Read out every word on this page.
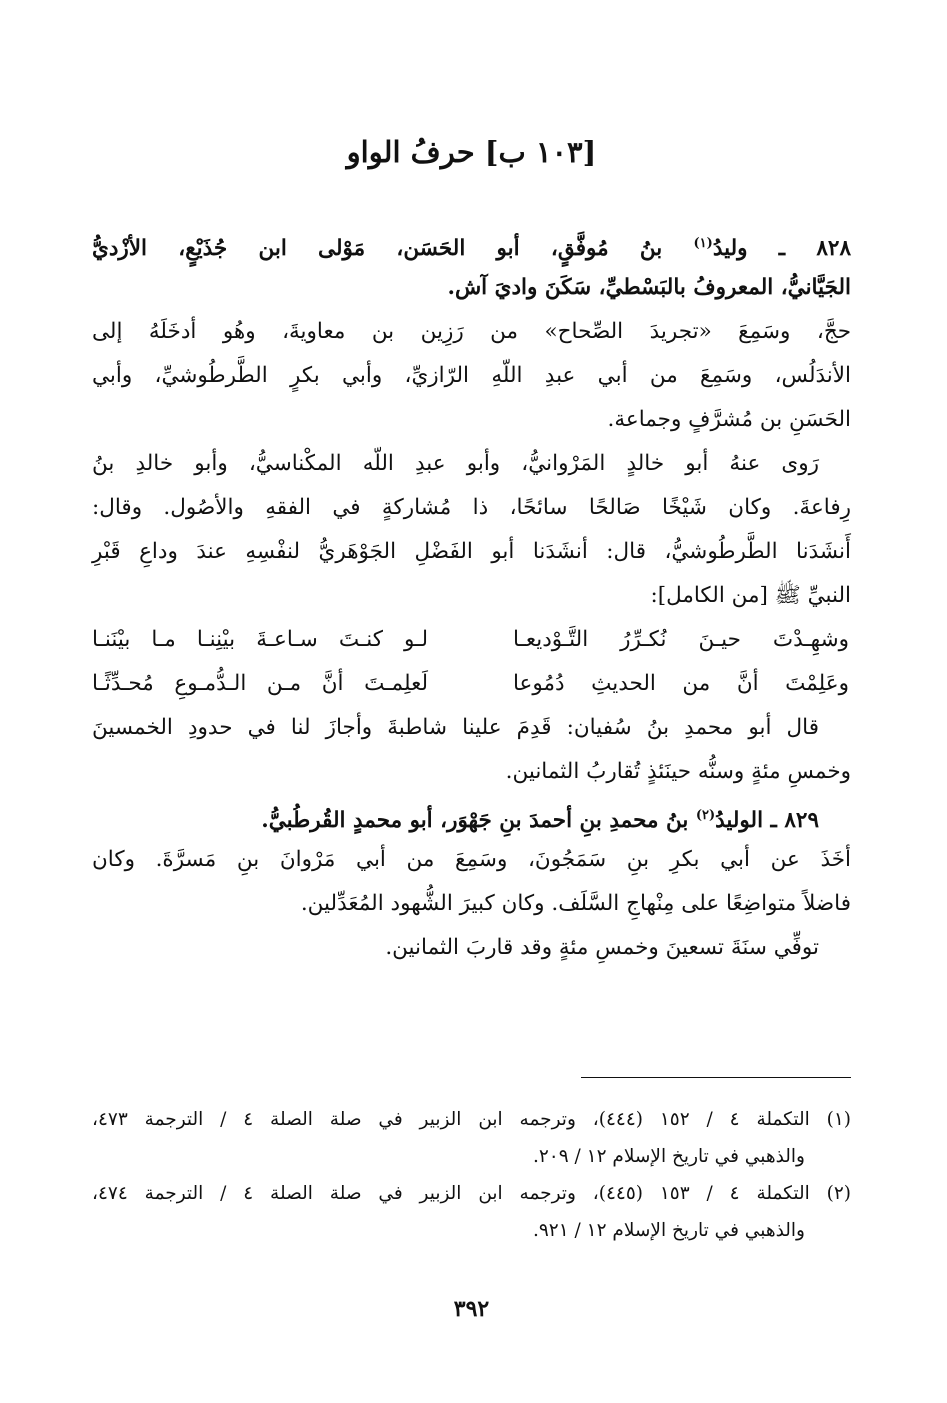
[١٠٣ ب] حرفُ الواو
٨٢٨ ـ وليدُ$^{(١)}$ بنُ مُوفَّقٍ، أبو الحَسَن، مَوْلى ابن جُذَيْعٍ، الأزْديُّ
الجَيَّانيُّ، المعروفُ بالبَسْطيِّ، سَكَنَ واديَ آش.
حجَّ، وسَمِعَ «تجريدَ الصِّحاح» من رَزِين بن معاويةَ، وهُو أدخَلَهُ إلى
الأندَلُس، وسَمِعَ من أبي عبدِ اللّهِ الرّازيِّ، وأبي بكرٍ الطَّرطُوشيِّ، وأبي
الحَسَنِ بن مُشرَّفٍ وجماعة.
رَوى عنهُ أبو خالدٍ المَرْوانيُّ، وأبو عبدِ اللّه المكْناسيُّ، وأبو خالدِ بنُ
رِفاعةَ. وكان شَيْخًا صَالحًا سائحًا، ذا مُشاركةٍ في الفقهِ والأصُول. وقال:
أَنشَدَنا الطَّرطُوشيُّ، قال: أنشَدَنا أبو الفَضْلِ الجَوْهَريُّ لنفْسِهِ عندَ وداعِ قَبْرِ
النبيِّ ﷺ [من الكامل]:
وشهِـدْتَ حيـنَ نُكـرِّرُ التَّـوْديعـا
لـو كنـتَ سـاعـةَ بيْنِنـا مـا بيْنَنـا
وعَلِمْتَ أنَّ من الحديثِ دُمُوعا
لَعلِمـتَ أنَّ مـن الـدُّمـوعِ مُحـدِّثًـا
قال أبو محمدِ بنُ سُفيان: قَدِمَ علينا شاطبةَ وأجازَ لنا في حدودِ الخمسينَ
وخمسِ مئةٍ وسنُّه حينَئذٍ تُقاربُ الثمانين.
٨٢٩ ـ الوليدُ$^{(٢)}$ بنُ محمدِ بنِ أحمدَ بنِ جَهْوَر، أبو محمدٍ القُرطُبيُّ.
أخَذَ عن أبي بكرِ بنِ سَمَجُونَ، وسَمِعَ من أبي مَرْوانَ بنِ مَسرَّةَ. وكان
فاضلاً متواضِعًا على مِنْهاجِ السَّلَف. وكان كبيرَ الشُّهود المُعَدِّلين.
توفِّي سنَةَ تسعينَ وخمسِ مئةٍ وقد قاربَ الثمانين.
(١) التكملة ٤ / ١٥٢ (٤٤٤)، وترجمه ابن الزبير في صلة الصلة ٤ / الترجمة ٤٧٣،
والذهبي في تاريخ الإسلام ١٢ / ٢٠٩.
(٢) التكملة ٤ / ١٥٣ (٤٤٥)، وترجمه ابن الزبير في صلة الصلة ٤ / الترجمة ٤٧٤،
والذهبي في تاريخ الإسلام ١٢ / ٩٢١.
٣٩٢
